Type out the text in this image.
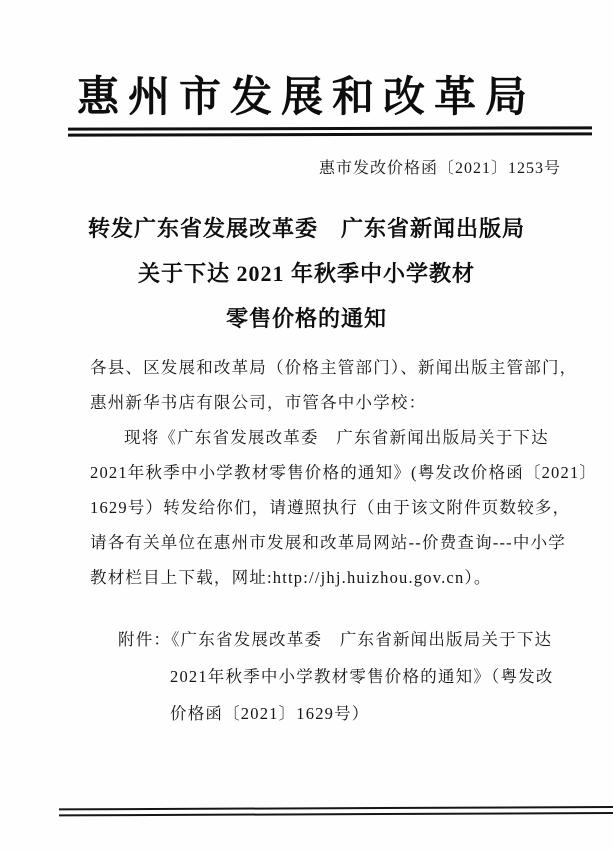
惠州市发展和改革局
惠市发改价格函〔2021〕1253号
转发广东省发展改革委　广东省新闻出版局
关于下达 2021 年秋季中小学教材
零售价格的通知
各县、区发展和改革局（价格主管部门）、新闻出版主管部门，
惠州新华书店有限公司，市管各中小学校：
现将《广东省发展改革委　广东省新闻出版局关于下达
2021年秋季中小学教材零售价格的通知》(粤发改价格函〔2021〕
1629号）转发给你们，请遵照执行（由于该文附件页数较多，
请各有关单位在惠州市发展和改革局网站--价费查询---中小学
教材栏目上下载，网址:http://jhj.huizhou.gov.cn）。
附件：《广东省发展改革委　广东省新闻出版局关于下达
2021年秋季中小学教材零售价格的通知》（粤发改
价格函〔2021〕1629号）
